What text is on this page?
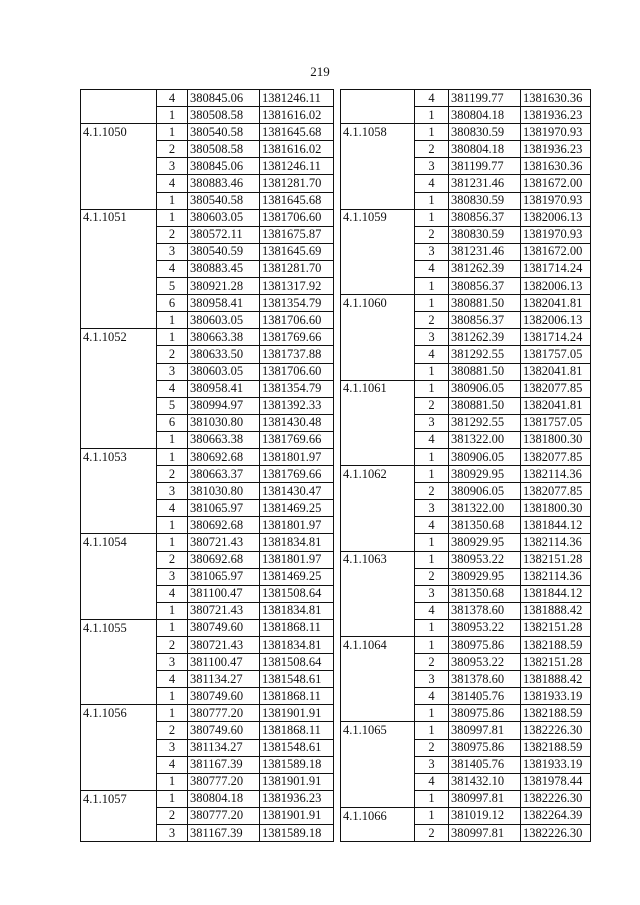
219
	4	380845.06	1381246.11
	1	380508.58	1381616.02
4.1.1050	1	380540.58	1381645.68
	2	380508.58	1381616.02
	3	380845.06	1381246.11
	4	380883.46	1381281.70
	1	380540.58	1381645.68
4.1.1051	1	380603.05	1381706.60
	2	380572.11	1381675.87
	3	380540.59	1381645.69
	4	380883.45	1381281.70
	5	380921.28	1381317.92
	6	380958.41	1381354.79
	1	380603.05	1381706.60
4.1.1052	1	380663.38	1381769.66
	2	380633.50	1381737.88
	3	380603.05	1381706.60
	4	380958.41	1381354.79
	5	380994.97	1381392.33
	6	381030.80	1381430.48
	1	380663.38	1381769.66
4.1.1053	1	380692.68	1381801.97
	2	380663.37	1381769.66
	3	381030.80	1381430.47
	4	381065.97	1381469.25
	1	380692.68	1381801.97
4.1.1054	1	380721.43	1381834.81
	2	380692.68	1381801.97
	3	381065.97	1381469.25
	4	381100.47	1381508.64
	1	380721.43	1381834.81
4.1.1055	1	380749.60	1381868.11
	2	380721.43	1381834.81
	3	381100.47	1381508.64
	4	381134.27	1381548.61
	1	380749.60	1381868.11
4.1.1056	1	380777.20	1381901.91
	2	380749.60	1381868.11
	3	381134.27	1381548.61
	4	381167.39	1381589.18
	1	380777.20	1381901.91
4.1.1057	1	380804.18	1381936.23
	2	380777.20	1381901.91
	3	381167.39	1381589.18
	4	381199.77	1381630.36
	1	380804.18	1381936.23
4.1.1058	1	380830.59	1381970.93
	2	380804.18	1381936.23
	3	381199.77	1381630.36
	4	381231.46	1381672.00
	1	380830.59	1381970.93
4.1.1059	1	380856.37	1382006.13
	2	380830.59	1381970.93
	3	381231.46	1381672.00
	4	381262.39	1381714.24
	1	380856.37	1382006.13
4.1.1060	1	380881.50	1382041.81
	2	380856.37	1382006.13
	3	381262.39	1381714.24
	4	381292.55	1381757.05
	1	380881.50	1382041.81
4.1.1061	1	380906.05	1382077.85
	2	380881.50	1382041.81
	3	381292.55	1381757.05
	4	381322.00	1381800.30
	1	380906.05	1382077.85
4.1.1062	1	380929.95	1382114.36
	2	380906.05	1382077.85
	3	381322.00	1381800.30
	4	381350.68	1381844.12
	1	380929.95	1382114.36
4.1.1063	1	380953.22	1382151.28
	2	380929.95	1382114.36
	3	381350.68	1381844.12
	4	381378.60	1381888.42
	1	380953.22	1382151.28
4.1.1064	1	380975.86	1382188.59
	2	380953.22	1382151.28
	3	381378.60	1381888.42
	4	381405.76	1381933.19
	1	380975.86	1382188.59
4.1.1065	1	380997.81	1382226.30
	2	380975.86	1382188.59
	3	381405.76	1381933.19
	4	381432.10	1381978.44
	1	380997.81	1382226.30
4.1.1066	1	381019.12	1382264.39
	2	380997.81	1382226.30
